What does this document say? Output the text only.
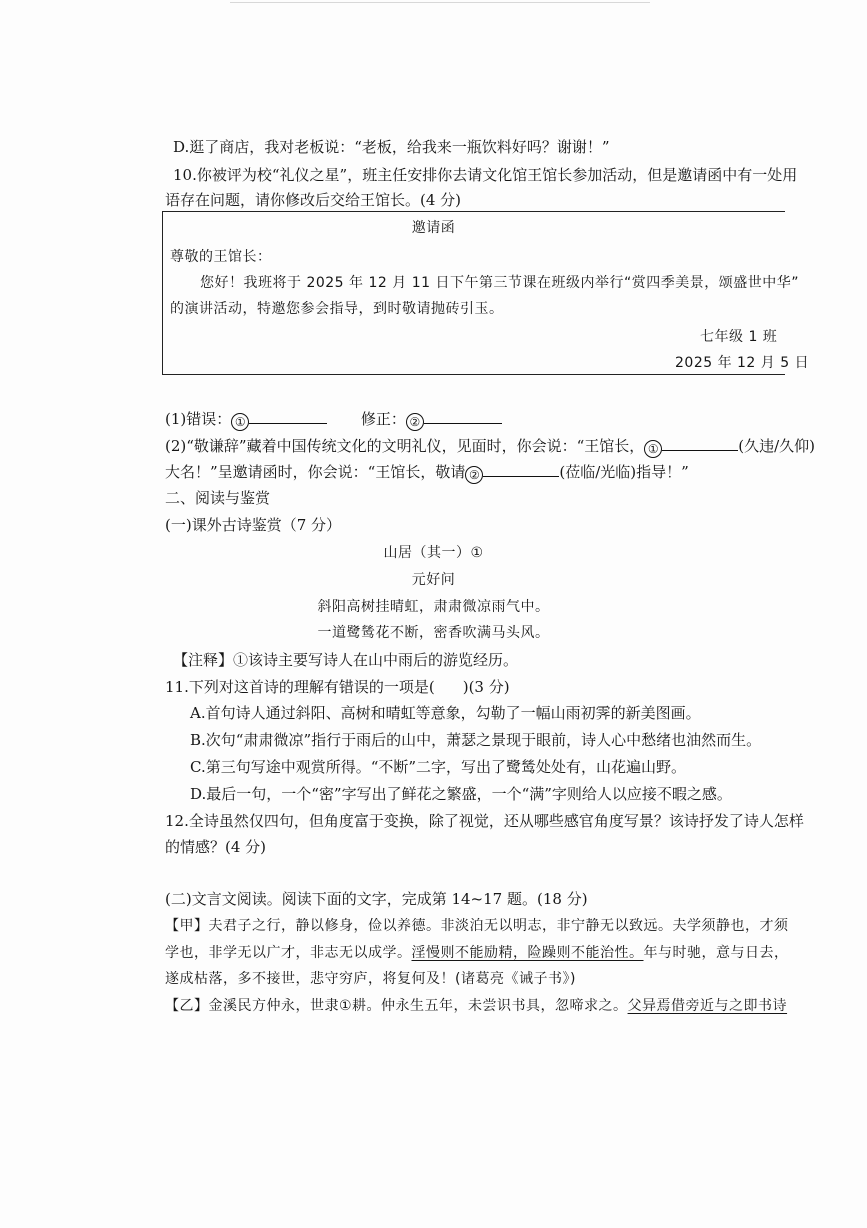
D.逛了商店，我对老板说：“老板，给我来一瓶饮料好吗？谢谢！”
10.你被评为校“礼仪之星”，班主任安排你去请文化馆王馆长参加活动，但是邀请函中有一处用
语存在问题，请你修改后交给王馆长。(4 分)
邀请函
尊敬的王馆长：
您好！我班将于 2025 年 12 月 11 日下午第三节课在班级内举行“赏四季美景，颂盛世中华”
的演讲活动，特邀您参会指导，到时敬请抛砖引玉。
七年级 1 班
2025 年 12 月 5 日
(1)错误： ①	修正： ②
(2)“敬谦辞”藏着中国传统文化的文明礼仪，见面时，你会说：“王馆长， ①	(久违/久仰)
大名！”呈邀请函时，你会说：“王馆长，敬请 ②	(莅临/光临)指导！”
二、阅读与鉴赏
(一)课外古诗鉴赏（7 分）
山居（其一）①
元好问
斜阳高树挂晴虹，肃肃微凉雨气中。
一道鹭鸶花不断，密香吹满马头风。
【注释】①该诗主要写诗人在山中雨后的游览经历。
11.下列对这首诗的理解有错误的一项是( )(3 分)
A.首句诗人通过斜阳、高树和晴虹等意象，勾勒了一幅山雨初霁的新美图画。
B.次句“肃肃微凉”指行于雨后的山中，萧瑟之景现于眼前，诗人心中愁绪也油然而生。
C.第三句写途中观赏所得。“不断”二字，写出了鹭鸶处处有，山花遍山野。
D.最后一句，一个“密”字写出了鲜花之繁盛，一个“满”字则给人以应接不暇之感。
12.全诗虽然仅四句，但角度富于变换，除了视觉，还从哪些感官角度写景？该诗抒发了诗人怎样
的情感？(4 分)
(二)文言文阅读。阅读下面的文字，完成第 14~17 题。(18 分)
【甲】夫君子之行，静以修身，俭以养德。非淡泊无以明志，非宁静无以致远。夫学须静也，才须
学也，非学无以广才，非志无以成学。淫慢则不能励精，险躁则不能治性。年与时驰，意与日去，
遂成枯落，多不接世，悲守穷庐，将复何及！(诸葛亮《诫子书》)
【乙】金溪民方仲永，世隶①耕。仲永生五年，未尝识书具，忽啼求之。父异焉借旁近与之即书诗
